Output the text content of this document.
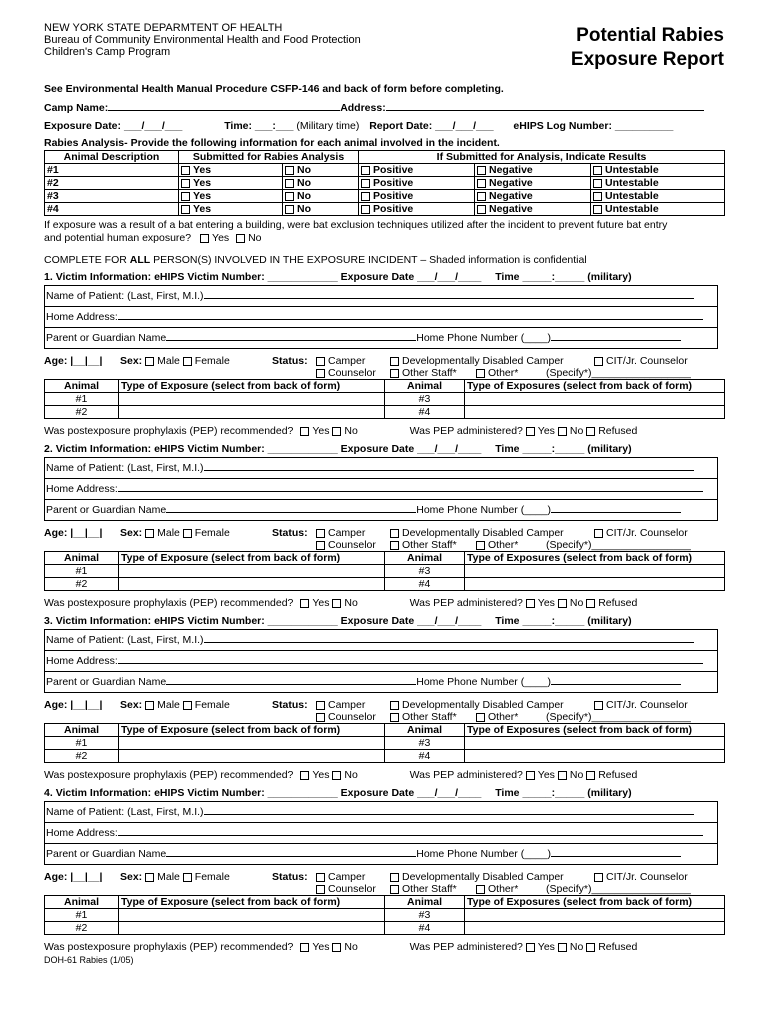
NEW YORK STATE DEPARMTENT OF HEALTH
Bureau of Community Environmental Health and Food Protection
Children's Camp Program
Potential Rabies
Exposure Report
See Environmental Health Manual Procedure CSFP-146 and back of form before completing.
Camp Name:	Address:
Exposure Date: ___/___/___	Time: ___:___ (Military time) Report Date: ___/___/___ eHIPS Log Number: __________
Rabies Analysis- Provide the following information for each animal involved in the incident.
Animal Description	Submitted for Rabies Analysis		If Submitted for Analysis, Indicate Results		
#1	Yes	No	Positive	Negative	Untestable
#2	Yes	No	Positive	Negative	Untestable
#3	Yes	No	Positive	Negative	Untestable
#4	Yes	No	Positive	Negative	Untestable
If exposure was a result of a bat entering a building, were bat exclusion techniques utilized after the incident to prevent future bat entry
and potential human exposure? Yes No
COMPLETE FOR ALL PERSON(S) INVOLVED IN THE EXPOSURE INCIDENT – Shaded information is confidential
1. Victim Information: eHIPS Victim Number: ____________ Exposure Date ___/___/____ Time _____:_____ (military)
Name of Patient: (Last, First, M.I.)
Home Address:
Parent or Guardian Name	Home Phone Number (____)
Age: |__|__| Sex: Male Female	Status:	Camper	Developmentally Disabled Camper	CIT/Jr. Counselor
Counselor	Other Staff*	Other*	(Specify*)_________________
Animal	Type of Exposure (select from back of form)	Animal	Type of Exposures (select from back of form)
#1		#3	
#2		#4	
Was postexposure prophylaxis (PEP) recommended? Yes No	Was PEP administered? Yes No Refused
2. Victim Information: eHIPS Victim Number: ____________ Exposure Date ___/___/____ Time _____:_____ (military)
Name of Patient: (Last, First, M.I.)
Home Address:
Parent or Guardian Name	Home Phone Number (____)
Age: |__|__| Sex: Male Female	Status:	Camper	Developmentally Disabled Camper	CIT/Jr. Counselor
Counselor	Other Staff*	Other*	(Specify*)_________________
Animal	Type of Exposure (select from back of form)	Animal	Type of Exposures (select from back of form)
#1		#3	
#2		#4	
Was postexposure prophylaxis (PEP) recommended? Yes No	Was PEP administered? Yes No Refused
3. Victim Information: eHIPS Victim Number: ____________ Exposure Date ___/___/____ Time _____:_____ (military)
Name of Patient: (Last, First, M.I.)
Home Address:
Parent or Guardian Name	Home Phone Number (____)
Age: |__|__| Sex: Male Female	Status:	Camper	Developmentally Disabled Camper	CIT/Jr. Counselor
Counselor	Other Staff*	Other*	(Specify*)_________________
Animal	Type of Exposure (select from back of form)	Animal	Type of Exposures (select from back of form)
#1		#3	
#2		#4	
Was postexposure prophylaxis (PEP) recommended? Yes No	Was PEP administered? Yes No Refused
4. Victim Information: eHIPS Victim Number: ____________ Exposure Date ___/___/____ Time _____:_____ (military)
Name of Patient: (Last, First, M.I.)
Home Address:
Parent or Guardian Name	Home Phone Number (____)
Age: |__|__| Sex: Male Female	Status:	Camper	Developmentally Disabled Camper	CIT/Jr. Counselor
Counselor	Other Staff*	Other*	(Specify*)_________________
Animal	Type of Exposure (select from back of form)	Animal	Type of Exposures (select from back of form)
#1		#3	
#2		#4	
Was postexposure prophylaxis (PEP) recommended? Yes No	Was PEP administered? Yes No Refused
DOH-61 Rabies (1/05)
